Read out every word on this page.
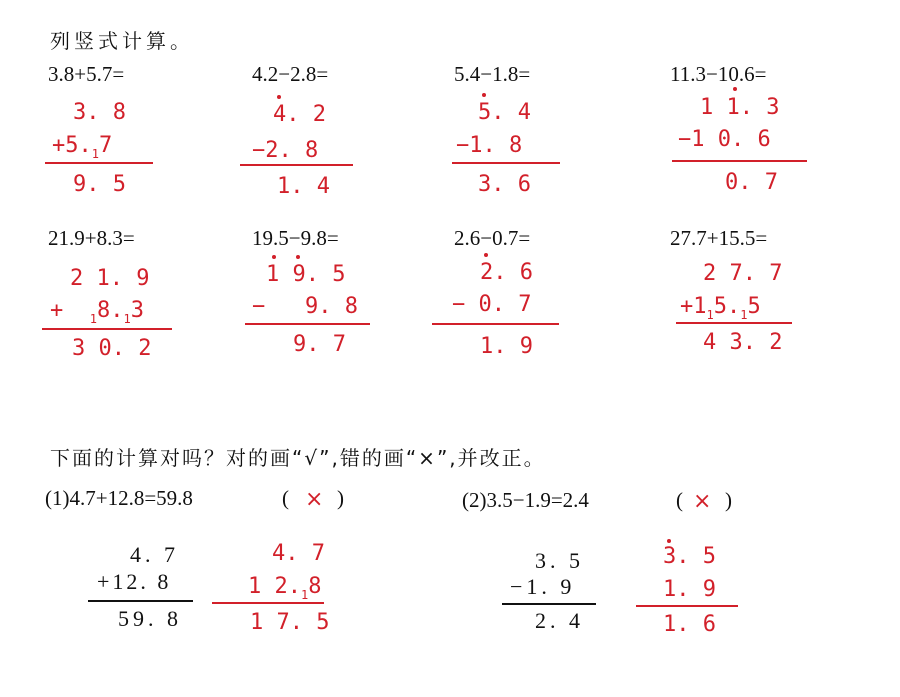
列竖式计算。
3.8+5.7=
3. 8
$+5._17$
9. 5
4.2−2.8=
4. 2
−2. 8
1. 4
5.4−1.8=
5. 4
−1. 8
3. 6
11.3−10.6=
1 1. 3
−1 0. 6
0. 7
21.9+8.3=
2 1. 9
+ $_18._13$
3 0. 2
19.5−9.8=
1 9. 5
− 9. 8
9. 7
2.6−0.7=
2. 6
− 0. 7
1. 9
27.7+15.5=
2 7. 7
$+1_15._15$
4 3. 2
下面的计算对吗？对的画“√”,错的画“×”,并改正。
(1)4.7+12.8=59.8	( × )
4. 7
+12. 8
59. 8
4. 7
1 $2._18$
1 7. 5
(2)3.5−1.9=2.4	( × )
3. 5
−1. 9
2. 4
3. 5
1. 9
1. 6
